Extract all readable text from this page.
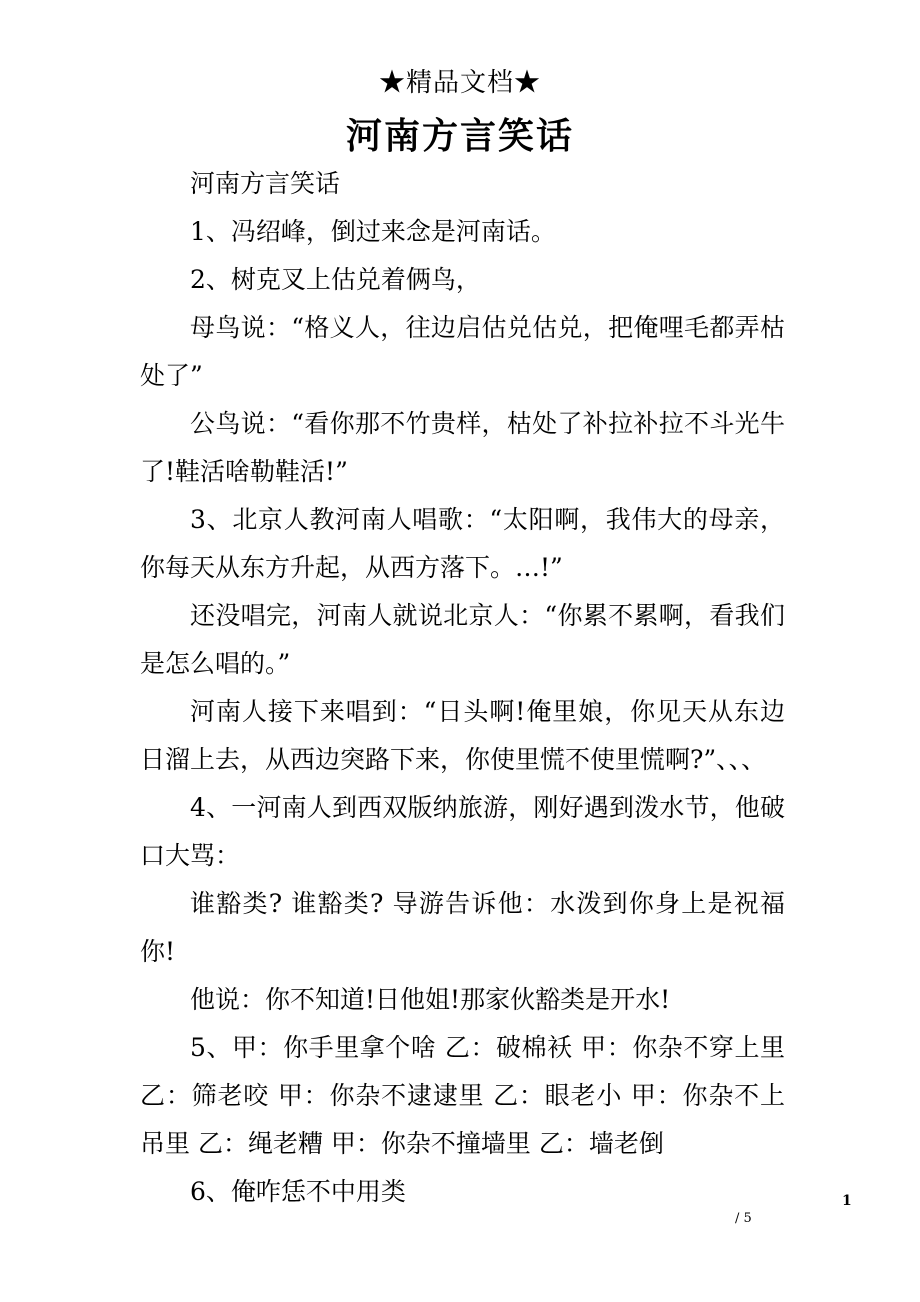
★精品文档★
河南方言笑话

河南方言笑话

1、冯绍峰，倒过来念是河南话。

2、树克叉上估兑着俩鸟，

母鸟说：“格义人，往边启估兑估兑，把俺哩毛都弄枯处了”

公鸟说：“看你那不竹贵样，枯处了补拉补拉不斗光牛了!鞋活啥勒鞋活!”

3、北京人教河南人唱歌：“太阳啊，我伟大的母亲，你每天从东方升起，从西方落下。…!”

还没唱完，河南人就说北京人：“你累不累啊，看我们是怎么唱的。”

河南人接下来唱到：“日头啊!俺里娘，你见天从东边日溜上去，从西边突路下来，你使里慌不使里慌啊?”、、、

4、一河南人到西双版纳旅游，刚好遇到泼水节，他破口大骂：

谁豁类? 谁豁类? 导游告诉他：水泼到你身上是祝福你!

他说：你不知道!日他姐!那家伙豁类是开水!

5、甲：你手里拿个啥 乙：破棉袄 甲：你杂不穿上里 乙：筛老咬 甲：你杂不逮逮里 乙：眼老小 甲：你杂不上吊里 乙：绳老糟 甲：你杂不撞墙里 乙：墙老倒

6、俺咋恁不中用类	1
/ 5
